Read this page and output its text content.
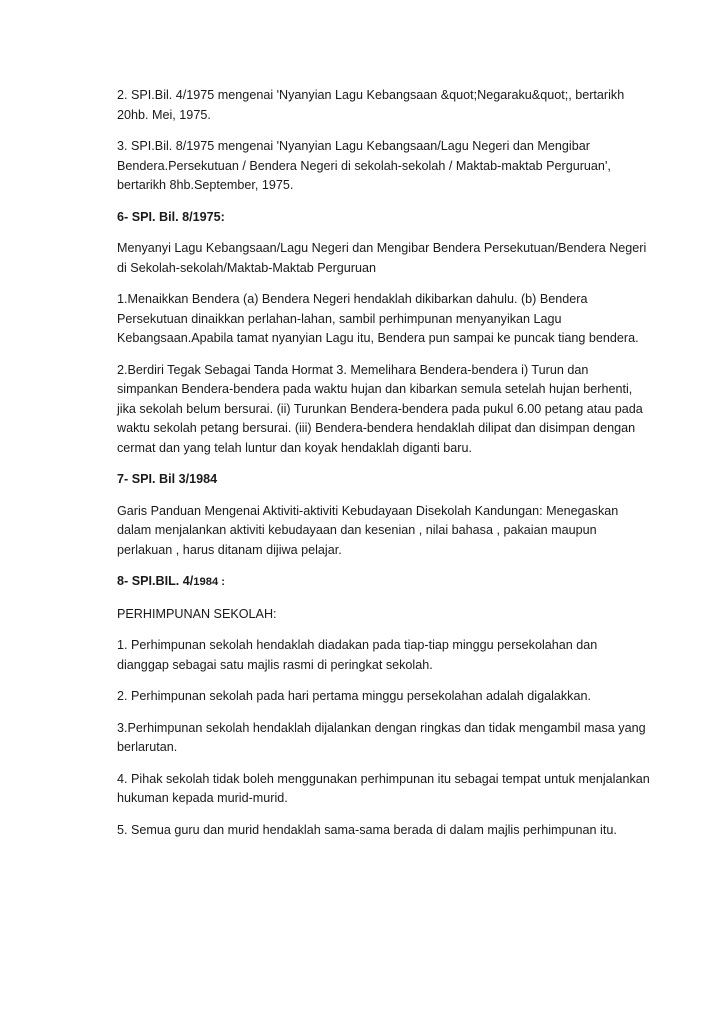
2. SPI.Bil. 4/1975 mengenai 'Nyanyian Lagu Kebangsaan &quot;Negaraku&quot;, bertarikh 20hb. Mei, 1975.

3. SPI.Bil. 8/1975 mengenai 'Nyanyian Lagu Kebangsaan/Lagu Negeri dan Mengibar Bendera.Persekutuan / Bendera Negeri di sekolah-sekolah / Maktab-maktab Perguruan', bertarikh 8hb.September, 1975.

6- SPI. Bil. 8/1975:

Menyanyi Lagu Kebangsaan/Lagu Negeri dan Mengibar Bendera Persekutuan/Bendera Negeri di Sekolah-sekolah/Maktab-Maktab Perguruan

1.Menaikkan Bendera (a) Bendera Negeri hendaklah dikibarkan dahulu. (b) Bendera Persekutuan dinaikkan perlahan-lahan, sambil perhimpunan menyanyikan Lagu Kebangsaan.Apabila tamat nyanyian Lagu itu, Bendera pun sampai ke puncak tiang bendera.

2.Berdiri Tegak Sebagai Tanda Hormat 3. Memelihara Bendera-bendera i) Turun dan simpankan Bendera-bendera pada waktu hujan dan kibarkan semula setelah hujan berhenti, jika sekolah belum bersurai. (ii) Turunkan Bendera-bendera pada pukul 6.00 petang atau pada waktu sekolah petang bersurai. (iii) Bendera-bendera hendaklah dilipat dan disimpan dengan cermat dan yang telah luntur dan koyak hendaklah diganti baru.

7- SPI. Bil 3/1984

Garis Panduan Mengenai Aktiviti-aktiviti Kebudayaan Disekolah Kandungan: Menegaskan dalam menjalankan aktiviti kebudayaan dan kesenian , nilai bahasa , pakaian maupun perlakuan , harus ditanam dijiwa pelajar.

8- SPI.BIL. 4/1984 :

PERHIMPUNAN SEKOLAH:

1. Perhimpunan sekolah hendaklah diadakan pada tiap-tiap minggu persekolahan dan dianggap sebagai satu majlis rasmi di peringkat sekolah.

2. Perhimpunan sekolah pada hari pertama minggu persekolahan adalah digalakkan.

3.Perhimpunan sekolah hendaklah dijalankan dengan ringkas dan tidak mengambil masa yang berlarutan.

4. Pihak sekolah tidak boleh menggunakan perhimpunan itu sebagai tempat untuk menjalankan hukuman kepada murid-murid.

5. Semua guru dan murid hendaklah sama-sama berada di dalam majlis perhimpunan itu.
